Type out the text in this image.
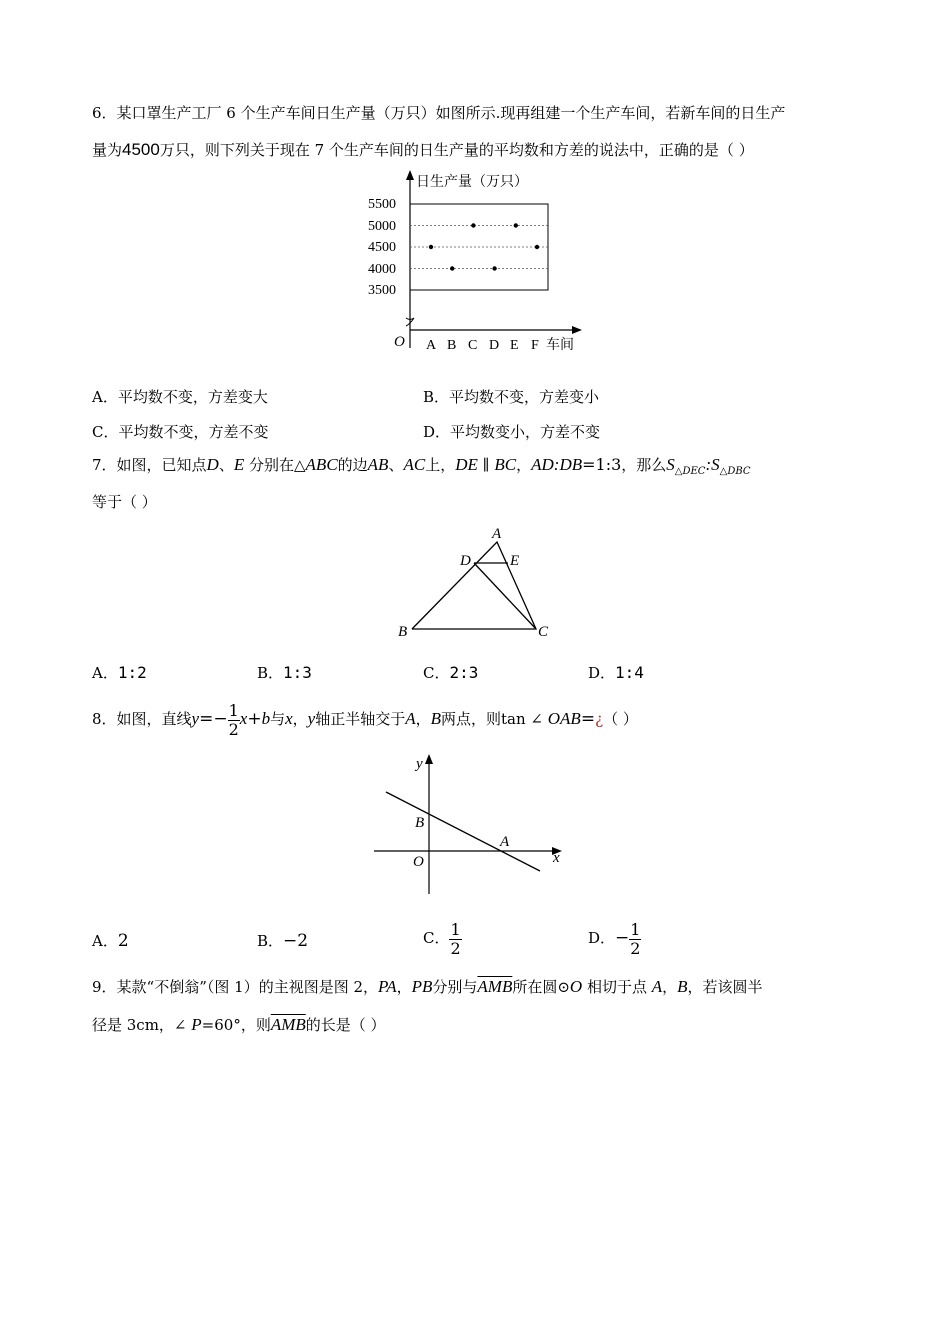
6．某口罩生产工厂 6 个生产车间日生产量（万只）如图所示.现再组建一个生产车间，若新车间的日生产
量为4500万只，则下列关于现在 7 个生产车间的日生产量的平均数和方差的说法中，正确的是（ ）
日生产量（万只）
5500
5000
4500
4000
3500
O A B C D E F 车间
A．平均数不变，方差变大	B．平均数不变，方差变小
C．平均数不变，方差不变	D．平均数变小，方差不变
7．如图，已知点D、E 分别在△ABC的边AB、AC上，DE ∥ BC，AD:DB=1:3，那么$S_{\triangle DEC}:S_{\triangle DBC}$
等于（ ）
A
D	E
B	C
A．1:2	B．1:3	C．2:3	D．1:4
8．如图，直线$y=- \frac{1}{2} x+b$与x，y轴正半轴交于A，B两点，则tan ∠ OAB=¿（ ）
y
B
A
O	x
A．2	B．−2	C． $\frac{1}{2}$	D．− $\frac{1}{2}$
9．某款“不倒翁”（图 1）的主视图是图 2，PA，PB分别与$\overline{AMB}$所在圆⊙O 相切于点 A，B，若该圆半
径是 3cm，∠ P=60°，则$\overline{AMB}$的长是（ ）
